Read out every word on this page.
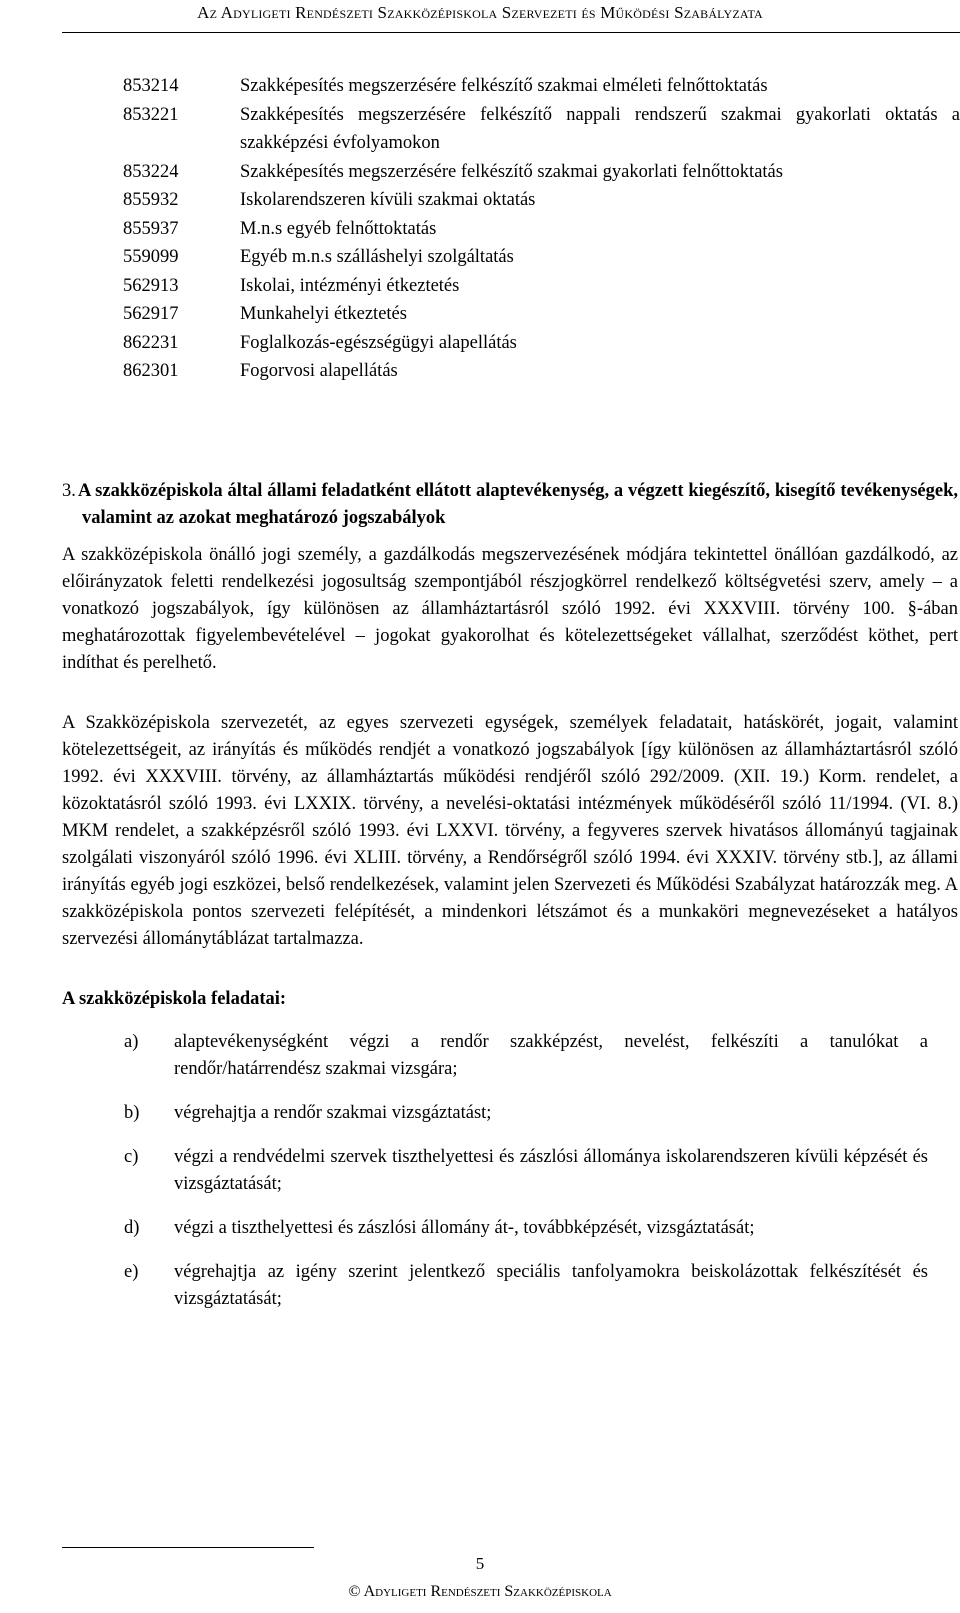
Az Adyligeti Rendészeti Szakközépiskola Szervezeti és Működési Szabályzata
853214	Szakképesítés megszerzésére felkészítő szakmai elméleti felnőttoktatás
853221	Szakképesítés megszerzésére felkészítő nappali rendszerű szakmai gyakorlati oktatás a szakképzési évfolyamokon
853224	Szakképesítés megszerzésére felkészítő szakmai gyakorlati felnőttoktatás
855932	Iskolarendszeren kívüli szakmai oktatás
855937	M.n.s egyéb felnőttoktatás
559099	Egyéb m.n.s szálláshelyi szolgáltatás
562913	Iskolai, intézményi étkeztetés
562917	Munkahelyi étkeztetés
862231	Foglalkozás-egészségügyi alapellátás
862301	Fogorvosi alapellátás
3. A szakközépiskola által állami feladatként ellátott alaptevékenység, a végzett kiegészítő, kisegítő tevékenységek, valamint az azokat meghatározó jogszabályok

A szakközépiskola önálló jogi személy, a gazdálkodás megszervezésének módjára tekintettel önállóan gazdálkodó, az előirányzatok feletti rendelkezési jogosultság szempontjából részjogkörrel rendelkező költségvetési szerv, amely – a vonatkozó jogszabályok, így különösen az államháztartásról szóló 1992. évi XXXVIII. törvény 100. §-ában meghatározottak figyelembevételével – jogokat gyakorolhat és kötelezettségeket vállalhat, szerződést köthet, pert indíthat és perelhető.

A Szakközépiskola szervezetét, az egyes szervezeti egységek, személyek feladatait, hatáskörét, jogait, valamint kötelezettségeit, az irányítás és működés rendjét a vonatkozó jogszabályok [így különösen az államháztartásról szóló 1992. évi XXXVIII. törvény, az államháztartás működési rendjéről szóló 292/2009. (XII. 19.) Korm. rendelet, a közoktatásról szóló 1993. évi LXXIX. törvény, a nevelési-oktatási intézmények működéséről szóló 11/1994. (VI. 8.) MKM rendelet, a szakképzésről szóló 1993. évi LXXVI. törvény, a fegyveres szervek hivatásos állományú tagjainak szolgálati viszonyáról szóló 1996. évi XLIII. törvény, a Rendőrségről szóló 1994. évi XXXIV. törvény stb.], az állami irányítás egyéb jogi eszközei, belső rendelkezések, valamint jelen Szervezeti és Működési Szabályzat határozzák meg. A szakközépiskola pontos szervezeti felépítését, a mindenkori létszámot és a munkaköri megnevezéseket a hatályos szervezési állománytáblázat tartalmazza.

A szakközépiskola feladatai:
a)	alaptevékenységként végzi a rendőr szakképzést, nevelést, felkészíti a tanulókat a rendőr/határrendész szakmai vizsgára;
b)	végrehajtja a rendőr szakmai vizsgáztatást;
c)	végzi a rendvédelmi szervek tiszthelyettesi és zászlósi állománya iskolarendszeren kívüli képzését és vizsgáztatását;
d)	végzi a tiszthelyettesi és zászlósi állomány át-, továbbképzését, vizsgáztatását;
e)	végrehajtja az igény szerint jelentkező speciális tanfolyamokra beiskolázottak felkészítését és vizsgáztatását;
5
© Adyligeti Rendészeti Szakközépiskola
